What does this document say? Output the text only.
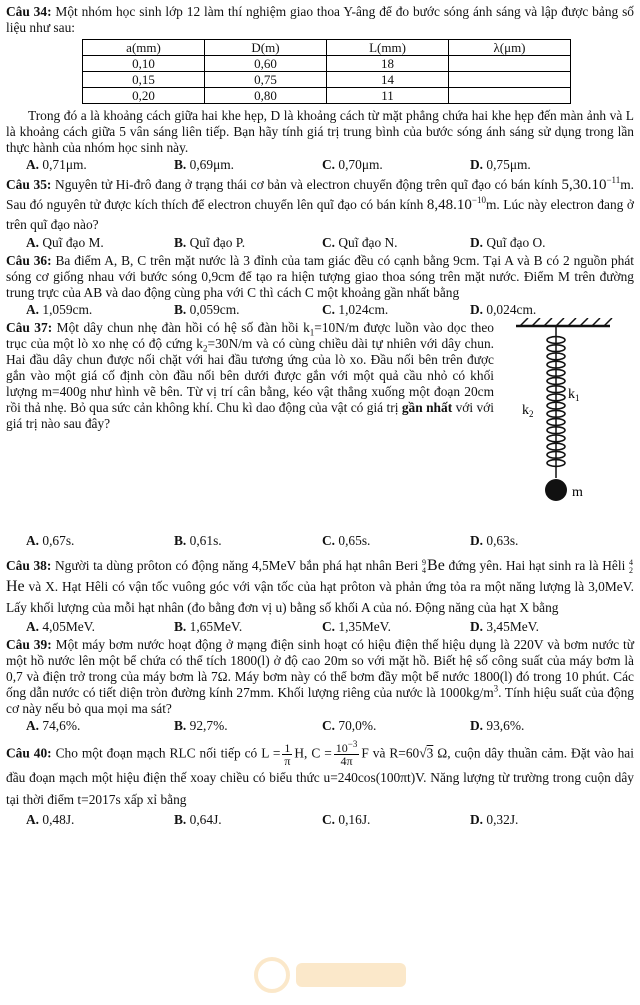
Câu 34: Một nhóm học sinh lớp 12 làm thí nghiệm giao thoa Y-âng để đo bước sóng ánh sáng và lập được bảng số liệu như sau:

a(mm)	D(m)	L(mm)	λ(μm)
0,10	0,60	18	
0,15	0,75	14	
0,20	0,80	11	

Trong đó a là khoảng cách giữa hai khe hẹp, D là khoảng cách từ mặt phẳng chứa hai khe hẹp đến màn ảnh và L là khoảng cách giữa 5 vân sáng liên tiếp. Bạn hãy tính giá trị trung bình của bước sóng ánh sáng sử dụng trong lần thực hành của nhóm học sinh này.

A. 0,71μm.	B. 0,69μm.	C. 0,70μm.	D. 0,75μm.

Câu 35: Nguyên tử Hi-đrô đang ở trạng thái cơ bản và electron chuyển động trên quĩ đạo có bán kính $5,30.10^{-11}m$. Sau đó nguyên tử được kích thích để electron chuyển lên quĩ đạo có bán kính $8,48.10^{-10}m$. Lúc này electron đang ở trên quĩ đạo nào?

A. Quĩ đạo M.	B. Quĩ đạo P.	C. Quĩ đạo N.	D. Quĩ đạo O.

Câu 36: Ba điểm A, B, C trên mặt nước là 3 đỉnh của tam giác đều có cạnh bằng 9cm. Tại A và B có 2 nguồn phát sóng cơ giống nhau với bước sóng 0,9cm để tạo ra hiện tượng giao thoa sóng trên mặt nước. Điểm M trên đường trung trực của AB và dao động cùng pha với C thì cách C một khoảng gần nhất bằng

A. 1,059cm.	B. 0,059cm.	C. 1,024cm.	D. 0,024cm.

Câu 37: Một dây chun nhẹ đàn hồi có hệ số đàn hồi $k_1=10N/m$ được luồn vào dọc theo trục của một lò xo nhẹ có độ cứng $k_2=30N/m$ và có cùng chiều dài tự nhiên với dây chun. Hai đầu dây chun được nối chặt với hai đầu tương ứng của lò xo. Đầu nối bên trên được gắn vào một giá cố định còn đầu nối bên dưới được gắn với một quả cầu nhỏ có khối lượng m=400g như hình vẽ bên. Từ vị trí cân bằng, kéo vật thẳng xuống một đoạn 20cm rồi thả nhẹ. Bỏ qua sức cản không khí. Chu kì dao động của vật có giá trị gần nhất với với giá trị nào sau đây?

$k_1$
$k_2$
m
A. 0,67s.	B. 0,61s.	C. 0,65s.	D. 0,63s.

Câu 38: Người ta dùng prôton có động năng 4,5MeV bắn phá hạt nhân Beri 9
4 Be đứng yên. Hai hạt sinh ra là Hêli 4
2
He và X. Hạt Hêli có vận tốc vuông góc với vận tốc của hạt prôton và phản ứng tỏa ra một năng lượng là 3,0MeV. Lấy khối lượng của mỗi hạt nhân (đo bằng đơn vị u) bằng số khối A của nó. Động năng của hạt X bằng

A. 4,05MeV.	B. 1,65MeV.	C. 1,35MeV.	D. 3,45MeV.

Câu 39: Một máy bơm nước hoạt động ở mạng điện sinh hoạt có hiệu điện thế hiệu dụng là 220V và bơm nước từ một hồ nước lên một bể chứa có thể tích 1800(l) ở độ cao 20m so với mặt hồ. Biết hệ số công suất của máy bơm là 0,7 và điện trở trong của máy bơm là 7Ω. Máy bơm này có thể bơm đầy một bể nước 1800(l) đó trong 10 phút. Các ống dẫn nước có tiết diện tròn đường kính 27mm. Khối lượng riêng của nước là $1000kg/m^3$. Tính hiệu suất của động cơ này nếu bỏ qua mọi ma sát?

A. 74,6%.	B. 92,7%.	C. 70,0%.	D. 93,6%.

Câu 40: Cho một đoạn mạch RLC nối tiếp có $L = \frac{1}{\pi} H$, $C = \frac{10^{-3}}{4\pi}$ F và R=60√3 Ω, cuộn dây thuần cảm. Đặt vào hai đầu đoạn mạch một hiệu điện thế xoay chiều có biểu thức u=240cos(100πt)V. Năng lượng từ trường trong cuộn dây tại thời điểm t=2017s xấp xỉ bằng

A. 0,48J.	B. 0,64J.	C. 0,16J.	D. 0,32J.
